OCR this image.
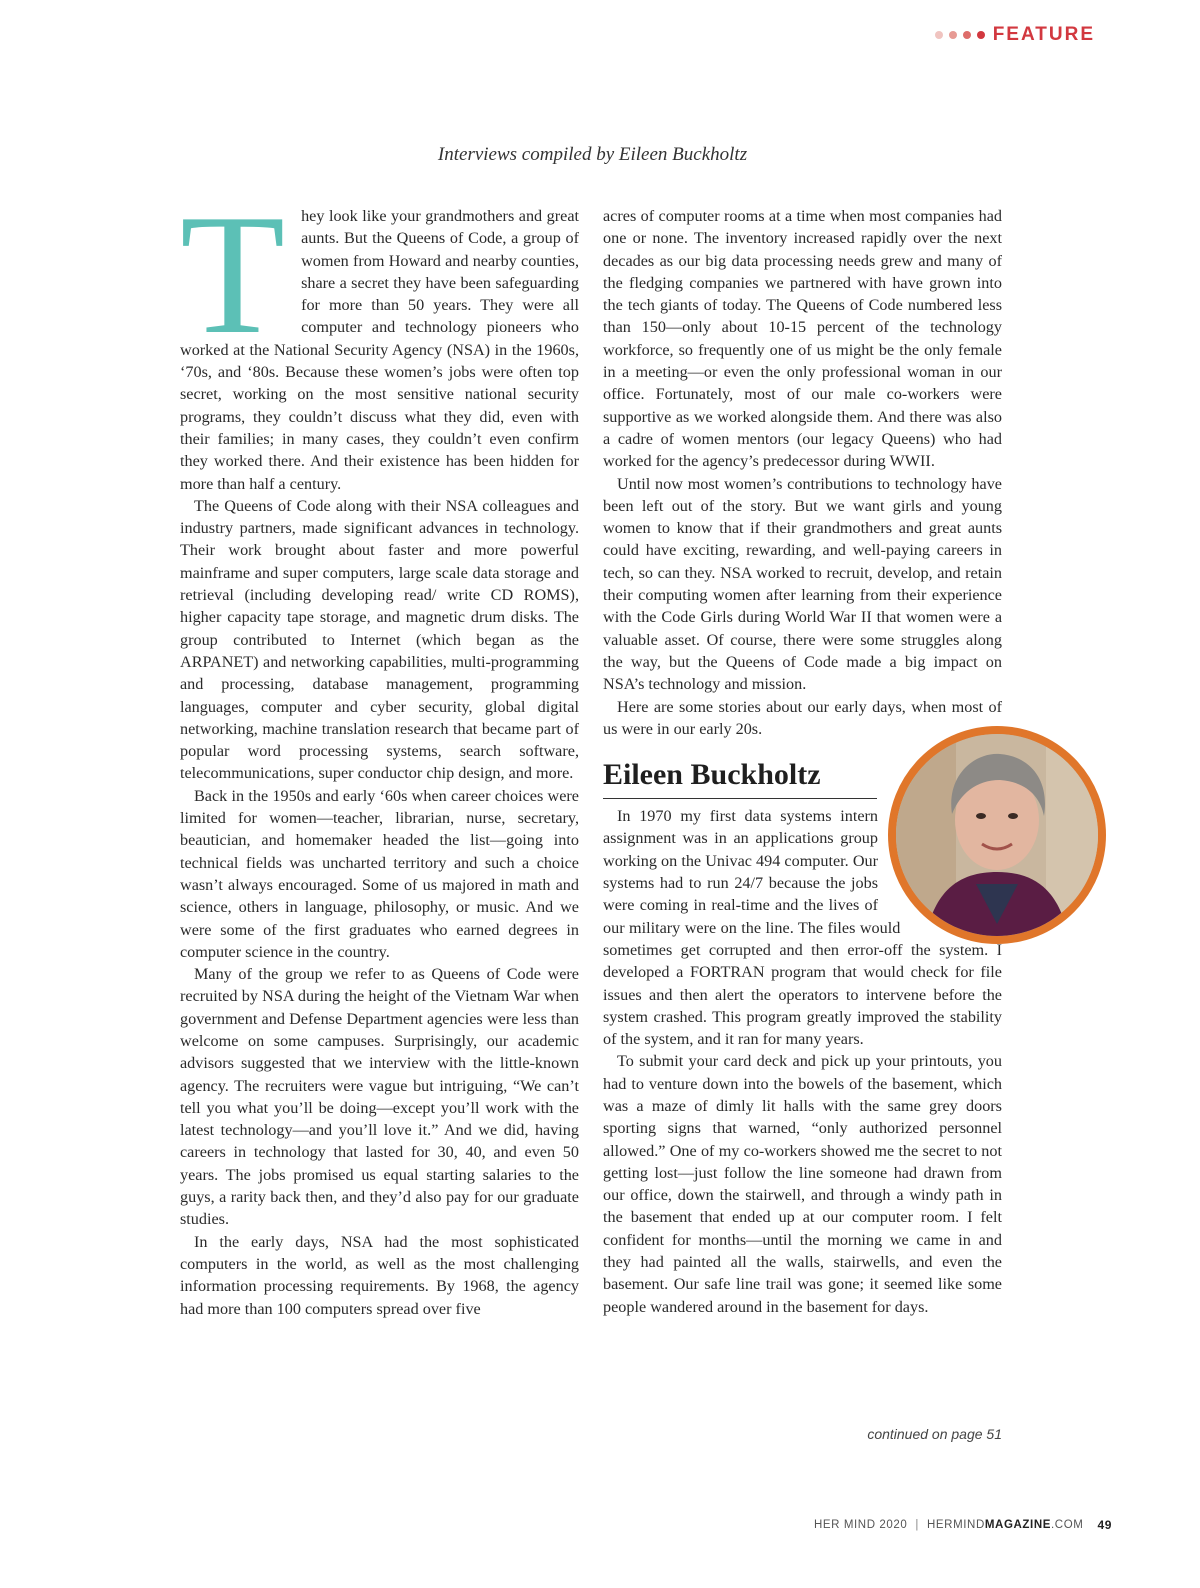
FEATURE
Interviews compiled by Eileen Buckholtz

They look like your grandmothers and great aunts. But the Queens of Code, a group of women from Howard and nearby counties, share a secret they have been safeguarding for more than 50 years. They were all computer and technology pioneers who worked at the National Security Agency (NSA) in the 1960s, ‘70s, and ‘80s. Because these women’s jobs were often top secret, working on the most sensitive national security programs, they couldn’t discuss what they did, even with their families; in many cases, they couldn’t even confirm they worked there. And their existence has been hidden for more than half a century.

The Queens of Code along with their NSA colleagues and industry partners, made significant advances in technology. Their work brought about faster and more powerful mainframe and super computers, large scale data storage and retrieval (including developing read/ write CD ROMS), higher capacity tape storage, and magnetic drum disks. The group contributed to Internet (which began as the ARPANET) and networking capabilities, multi-programming and processing, database management, programming languages, computer and cyber security, global digital networking, machine translation research that became part of popular word processing systems, search software, telecommunications, super conductor chip design, and more.

Back in the 1950s and early ‘60s when career choices were limited for women—teacher, librarian, nurse, secretary, beautician, and homemaker headed the list—going into technical fields was uncharted territory and such a choice wasn’t always encouraged. Some of us majored in math and science, others in language, philosophy, or music. And we were some of the first graduates who earned degrees in computer science in the country.

Many of the group we refer to as Queens of Code were recruited by NSA during the height of the Vietnam War when government and Defense Department agencies were less than welcome on some campuses. Surprisingly, our academic advisors suggested that we interview with the little-known agency. The recruiters were vague but intriguing, “We can’t tell you what you’ll be doing—except you’ll work with the latest technology—and you’ll love it.” And we did, having careers in technology that lasted for 30, 40, and even 50 years. The jobs promised us equal starting salaries to the guys, a rarity back then, and they’d also pay for our graduate studies.

In the early days, NSA had the most sophisticated computers in the world, as well as the most challenging information processing requirements. By 1968, the agency had more than 100 computers spread over five

acres of computer rooms at a time when most companies had one or none. The inventory increased rapidly over the next decades as our big data processing needs grew and many of the fledging companies we partnered with have grown into the tech giants of today. The Queens of Code numbered less than 150—only about 10-15 percent of the technology workforce, so frequently one of us might be the only female in a meeting—or even the only professional woman in our office. Fortunately, most of our male co-workers were supportive as we worked alongside them. And there was also a cadre of women mentors (our legacy Queens) who had worked for the agency’s predecessor during WWII.

Until now most women’s contributions to technology have been left out of the story. But we want girls and young women to know that if their grandmothers and great aunts could have exciting, rewarding, and well-paying careers in tech, so can they. NSA worked to recruit, develop, and retain their computing women after learning from their experience with the Code Girls during World War II that women were a valuable asset. Of course, there were some struggles along the way, but the Queens of Code made a big impact on NSA’s technology and mission.

Here are some stories about our early days, when most of us were in our early 20s.

Eileen Buckholtz

In 1970 my first data systems intern assignment was in an applications group working on the Univac 494 computer. Our systems had to run 24/7 because the jobs were coming in real-time and the lives of our military were on the line. The files would sometimes get corrupted and then error-off the system. I developed a FORTRAN program that would check for file issues and then alert the operators to intervene before the system crashed. This program greatly improved the stability of the system, and it ran for many years.

To submit your card deck and pick up your printouts, you had to venture down into the bowels of the basement, which was a maze of dimly lit halls with the same grey doors sporting signs that warned, “only authorized personnel allowed.” One of my co-workers showed me the secret to not getting lost—just follow the line someone had drawn from our office, down the stairwell, and through a windy path in the basement that ended up at our computer room. I felt confident for months—until the morning we came in and they had painted all the walls, stairwells, and even the basement. Our safe line trail was gone; it seemed like some people wandered around in the basement for days.

continued on page 51
HER MIND 2020 | HERMINDMAGAZINE.COM 49
